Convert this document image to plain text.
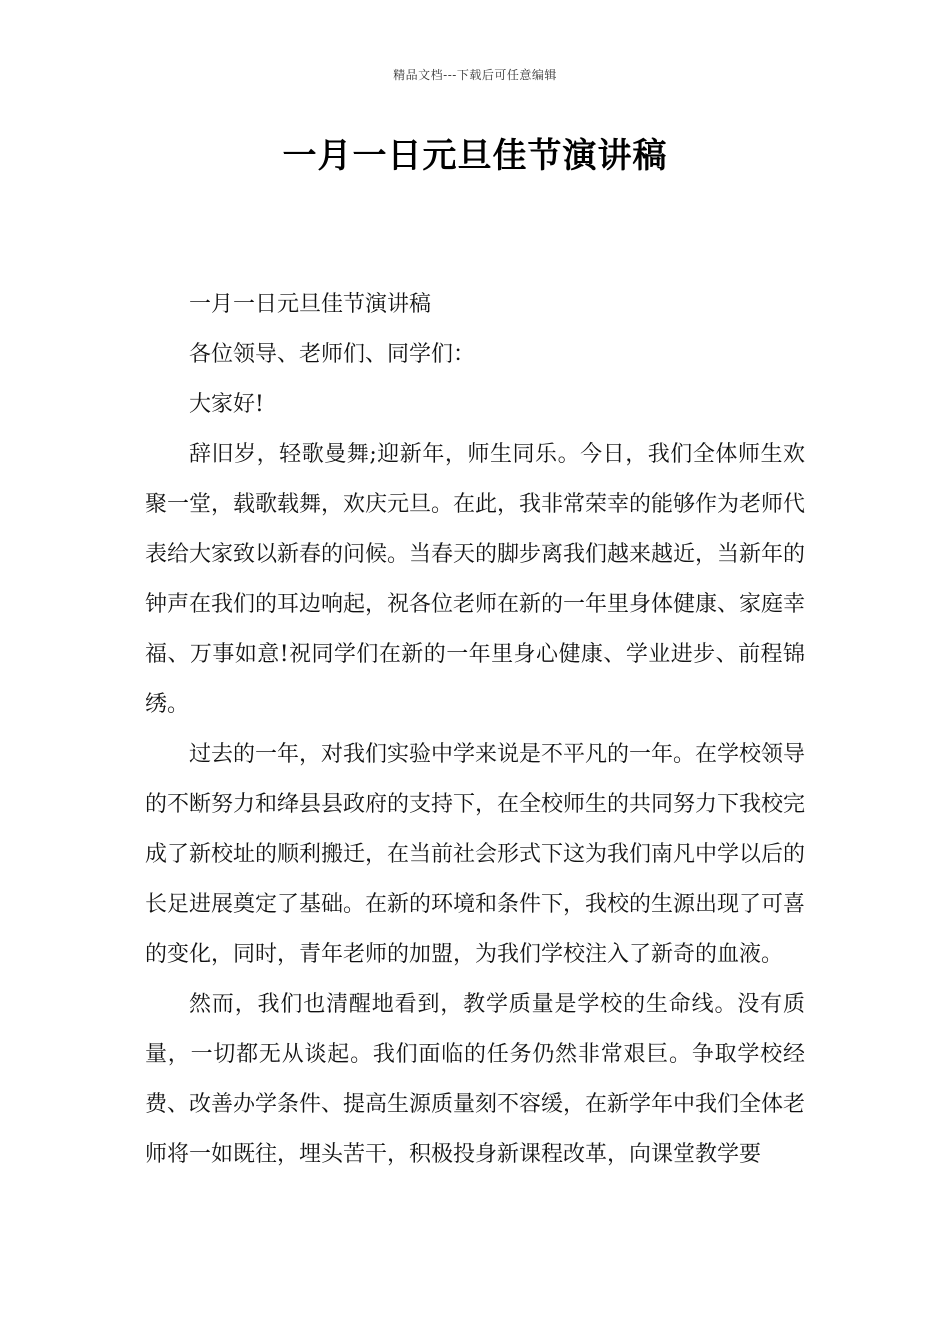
精品文档---下载后可任意编辑
一月一日元旦佳节演讲稿

一月一日元旦佳节演讲稿

各位领导、老师们、同学们：

大家好!

辞旧岁，轻歌曼舞;迎新年，师生同乐。今日，我们全体师生欢聚一堂，载歌载舞，欢庆元旦。在此，我非常荣幸的能够作为老师代表给大家致以新春的问候。当春天的脚步离我们越来越近，当新年的钟声在我们的耳边响起，祝各位老师在新的一年里身体健康、家庭幸福、万事如意!祝同学们在新的一年里身心健康、学业进步、前程锦绣。

过去的一年，对我们实验中学来说是不平凡的一年。在学校领导的不断努力和绛县县政府的支持下，在全校师生的共同努力下我校完成了新校址的顺利搬迁，在当前社会形式下这为我们南凡中学以后的长足进展奠定了基础。在新的环境和条件下，我校的生源出现了可喜的变化，同时，青年老师的加盟，为我们学校注入了新奇的血液。

然而，我们也清醒地看到，教学质量是学校的生命线。没有质量，一切都无从谈起。我们面临的任务仍然非常艰巨。争取学校经费、改善办学条件、提高生源质量刻不容缓，在新学年中我们全体老师将一如既往，埋头苦干，积极投身新课程改革，向课堂教学要
